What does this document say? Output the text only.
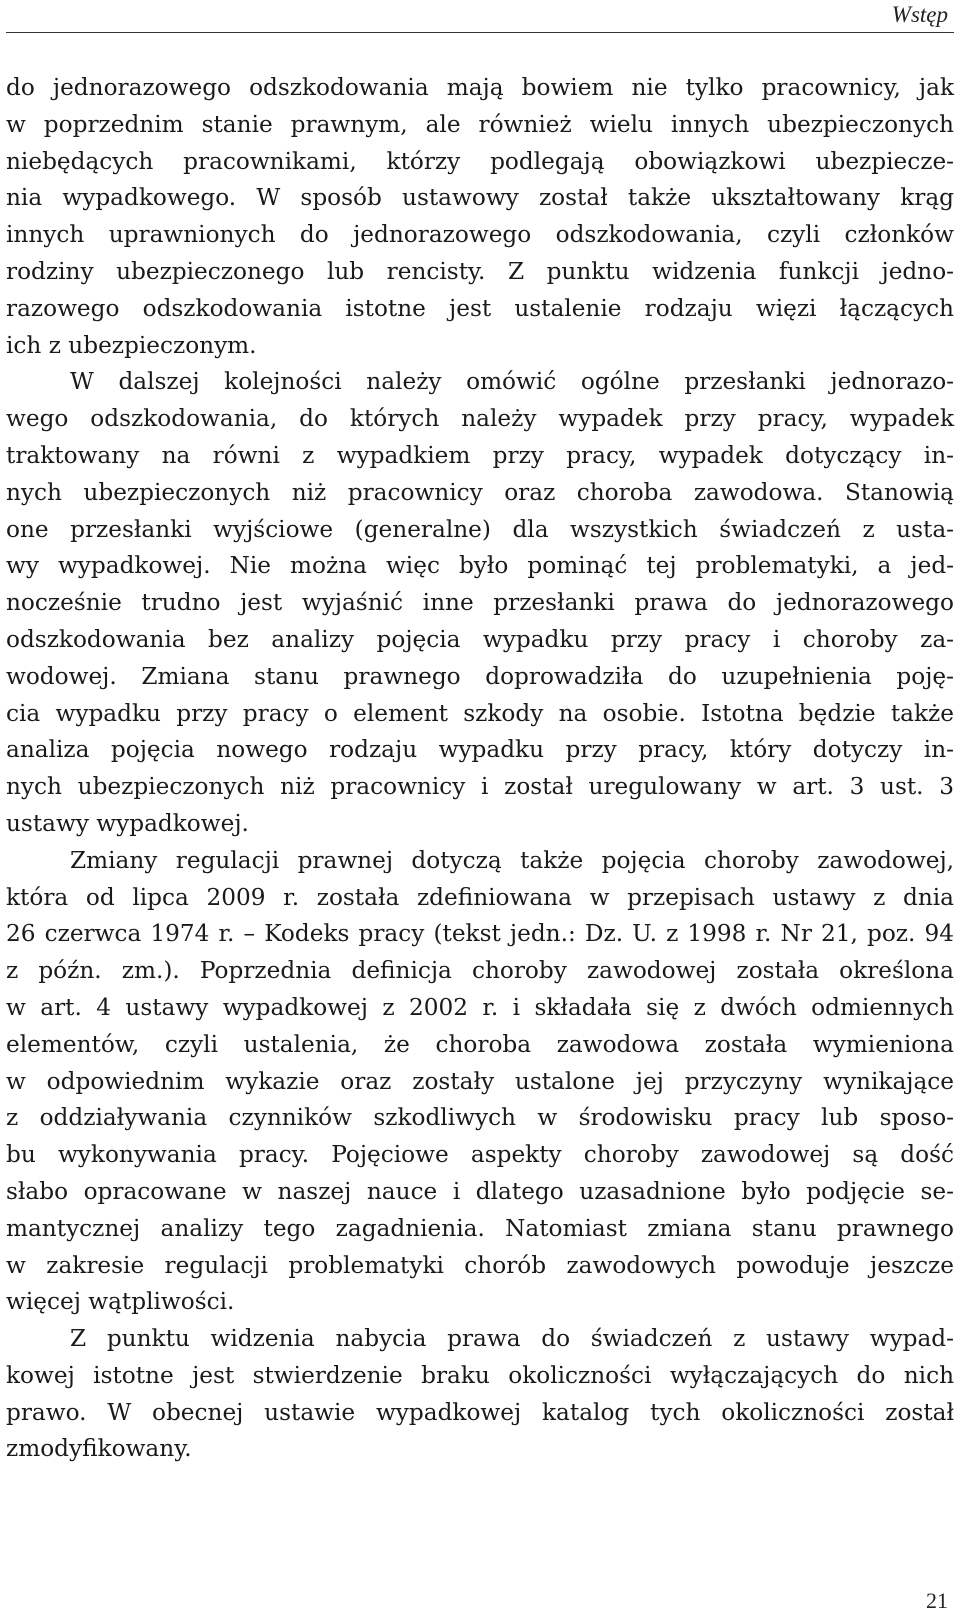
Wstęp
do jednorazowego odszkodowania mają bowiem nie tylko pracownicy, jak
w poprzednim stanie prawnym, ale również wielu innych ubezpieczonych
niebędących pracownikami, którzy podlegają obowiązkowi ubezpiecze-
nia wypadkowego. W sposób ustawowy został także ukształtowany krąg
innych uprawnionych do jednorazowego odszkodowania, czyli członków
rodziny ubezpieczonego lub rencisty. Z punktu widzenia funkcji jedno-
razowego odszkodowania istotne jest ustalenie rodzaju więzi łączących
ich z ubezpieczonym.
W dalszej kolejności należy omówić ogólne przesłanki jednorazo-
wego odszkodowania, do których należy wypadek przy pracy, wypadek
traktowany na równi z wypadkiem przy pracy, wypadek dotyczący in-
nych ubezpieczonych niż pracownicy oraz choroba zawodowa. Stanowią
one przesłanki wyjściowe (generalne) dla wszystkich świadczeń z usta-
wy wypadkowej. Nie można więc było pominąć tej problematyki, a jed-
nocześnie trudno jest wyjaśnić inne przesłanki prawa do jednorazowego
odszkodowania bez analizy pojęcia wypadku przy pracy i choroby za-
wodowej. Zmiana stanu prawnego doprowadziła do uzupełnienia poję-
cia wypadku przy pracy o element szkody na osobie. Istotna będzie także
analiza pojęcia nowego rodzaju wypadku przy pracy, który dotyczy in-
nych ubezpieczonych niż pracownicy i został uregulowany w art. 3 ust. 3
ustawy wypadkowej.
Zmiany regulacji prawnej dotyczą także pojęcia choroby zawodowej,
która od lipca 2009 r. została zdefiniowana w przepisach ustawy z dnia
26 czerwca 1974 r. – Kodeks pracy (tekst jedn.: Dz. U. z 1998 r. Nr 21, poz. 94
z późn. zm.). Poprzednia definicja choroby zawodowej została określona
w art. 4 ustawy wypadkowej z 2002 r. i składała się z dwóch odmiennych
elementów, czyli ustalenia, że choroba zawodowa została wymieniona
w odpowiednim wykazie oraz zostały ustalone jej przyczyny wynikające
z oddziaływania czynników szkodliwych w środowisku pracy lub sposo-
bu wykonywania pracy. Pojęciowe aspekty choroby zawodowej są dość
słabo opracowane w naszej nauce i dlatego uzasadnione było podjęcie se-
mantycznej analizy tego zagadnienia. Natomiast zmiana stanu prawnego
w zakresie regulacji problematyki chorób zawodowych powoduje jeszcze
więcej wątpliwości.
Z punktu widzenia nabycia prawa do świadczeń z ustawy wypad-
kowej istotne jest stwierdzenie braku okoliczności wyłączających do nich
prawo. W obecnej ustawie wypadkowej katalog tych okoliczności został
zmodyfikowany.
21
